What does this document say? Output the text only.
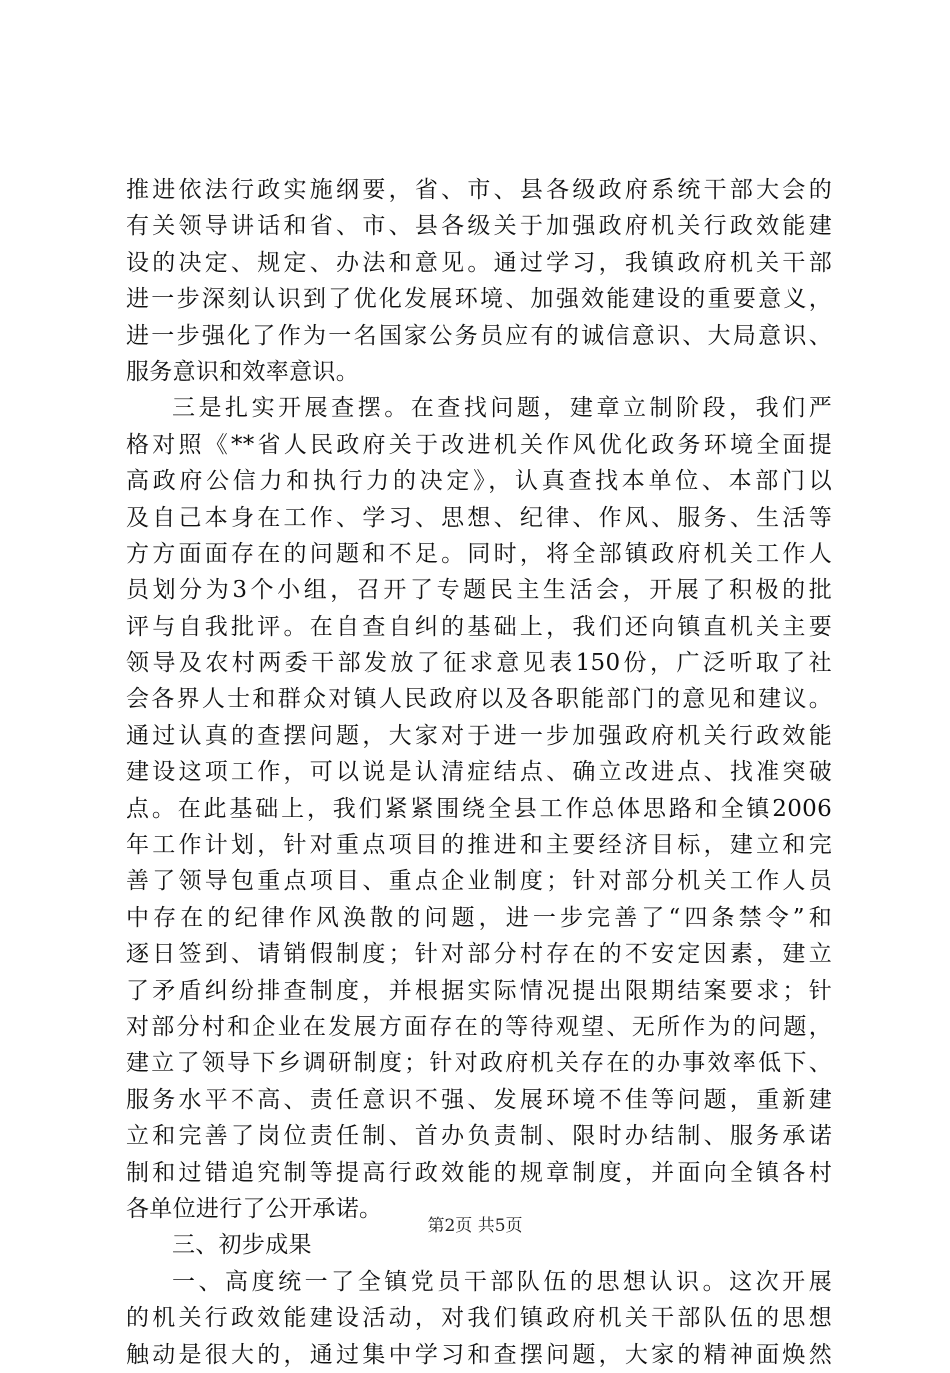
推进依法行政实施纲要，省、市、县各级政府系统干部大会的
有关领导讲话和省、市、县各级关于加强政府机关行政效能建
设的决定、规定、办法和意见。通过学习，我镇政府机关干部
进一步深刻认识到了优化发展环境、加强效能建设的重要意义，
进一步强化了作为一名国家公务员应有的诚信意识、大局意识、
服务意识和效率意识。
三是扎实开展查摆。在查找问题，建章立制阶段，我们严
格对照《**省人民政府关于改进机关作风优化政务环境全面提
高政府公信力和执行力的决定》，认真查找本单位、本部门以
及自己本身在工作、学习、思想、纪律、作风、服务、生活等
方方面面存在的问题和不足。同时，将全部镇政府机关工作人
员划分为3个小组，召开了专题民主生活会，开展了积极的批
评与自我批评。在自查自纠的基础上，我们还向镇直机关主要
领导及农村两委干部发放了征求意见表150份，广泛听取了社
会各界人士和群众对镇人民政府以及各职能部门的意见和建议。
通过认真的查摆问题，大家对于进一步加强政府机关行政效能
建设这项工作，可以说是认清症结点、确立改进点、找准突破
点。在此基础上，我们紧紧围绕全县工作总体思路和全镇2006
年工作计划，针对重点项目的推进和主要经济目标，建立和完
善了领导包重点项目、重点企业制度；针对部分机关工作人员
中存在的纪律作风涣散的问题，进一步完善了“四条禁令”和
逐日签到、请销假制度；针对部分村存在的不安定因素，建立
了矛盾纠纷排查制度，并根据实际情况提出限期结案要求；针
对部分村和企业在发展方面存在的等待观望、无所作为的问题，
建立了领导下乡调研制度；针对政府机关存在的办事效率低下、
服务水平不高、责任意识不强、发展环境不佳等问题，重新建
立和完善了岗位责任制、首办负责制、限时办结制、服务承诺
制和过错追究制等提高行政效能的规章制度，并面向全镇各村
各单位进行了公开承诺。
三、初步成果
一、高度统一了全镇党员干部队伍的思想认识。这次开展
的机关行政效能建设活动，对我们镇政府机关干部队伍的思想
触动是很大的，通过集中学习和查摆问题，大家的精神面焕然
第2页 共5页
